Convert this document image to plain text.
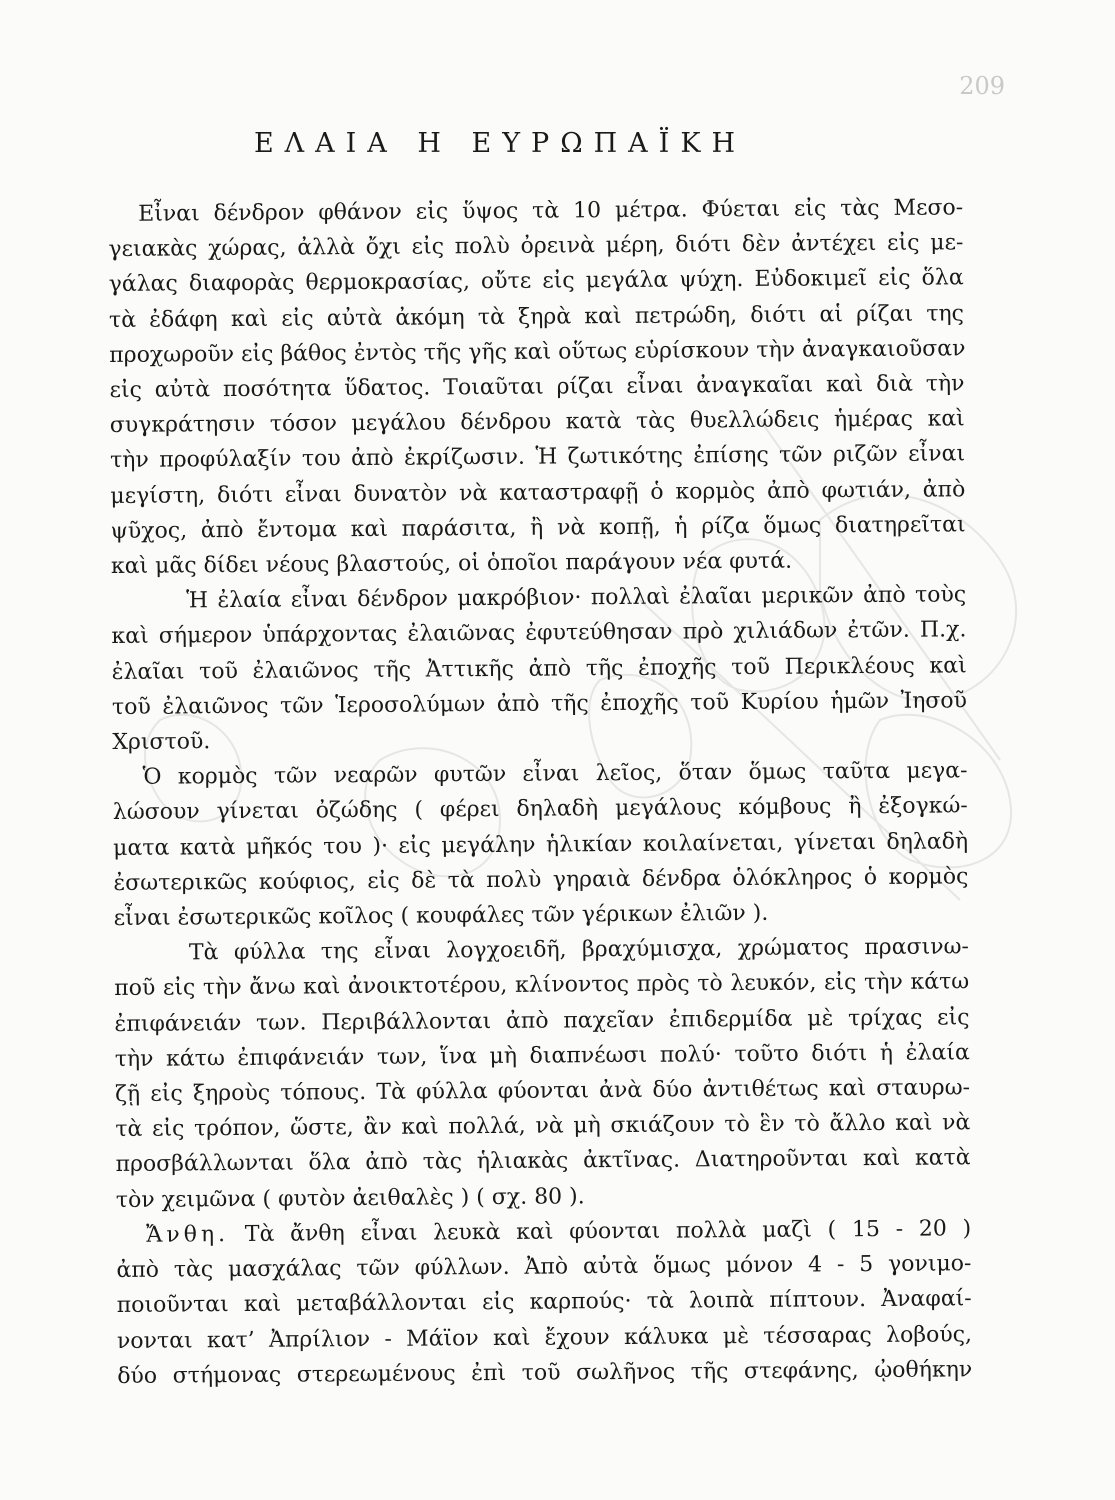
209
ΕΛΑΙΑ Η ΕΥΡΩΠΑΪΚΗ

Εἶναι δένδρον φθάνον εἰς ὕψος τὰ 10 μέτρα. Φύεται εἰς τὰς Μεσο-
γειακὰς χώρας, ἀλλὰ ὄχι εἰς πολὺ ὀρεινὰ μέρη, διότι δὲν ἀντέχει εἰς με-
γάλας διαφορὰς θερμοκρασίας, οὔτε εἰς μεγάλα ψύχη. Εὐδοκιμεῖ εἰς ὅλα
τὰ ἐδάφη καὶ εἰς αὐτὰ ἀκόμη τὰ ξηρὰ καὶ πετρώδη, διότι αἱ ρίζαι της
προχωροῦν εἰς βάθος ἐντὸς τῆς γῆς καὶ οὕτως εὑρίσκουν τὴν ἀναγκαιοῦσαν
εἰς αὐτὰ ποσότητα ὕδατος. Τοιαῦται ρίζαι εἶναι ἀναγκαῖαι καὶ διὰ τὴν
συγκράτησιν τόσον μεγάλου δένδρου κατὰ τὰς θυελλώδεις ἡμέρας καὶ
τὴν προφύλαξίν του ἀπὸ ἐκρίζωσιν. Ἡ ζωτικότης ἐπίσης τῶν ριζῶν εἶναι
μεγίστη, διότι εἶναι δυνατὸν νὰ καταστραφῇ ὁ κορμὸς ἀπὸ φωτιάν, ἀπὸ
ψῦχος, ἀπὸ ἔντομα καὶ παράσιτα, ἢ νὰ κοπῇ, ἡ ρίζα ὅμως διατηρεῖται
καὶ μᾶς δίδει νέους βλαστούς, οἱ ὁποῖοι παράγουν νέα φυτά.

Ἡ ἐλαία εἶναι δένδρον μακρόβιον· πολλαὶ ἐλαῖαι μερικῶν ἀπὸ τοὺς
καὶ σήμερον ὑπάρχοντας ἐλαιῶνας ἐφυτεύθησαν πρὸ χιλιάδων ἐτῶν. Π.χ.
ἐλαῖαι τοῦ ἐλαιῶνος τῆς Ἀττικῆς ἀπὸ τῆς ἐποχῆς τοῦ Περικλέους καὶ
τοῦ ἐλαιῶνος τῶν Ἱεροσολύμων ἀπὸ τῆς ἐποχῆς τοῦ Κυρίου ἡμῶν Ἰησοῦ
Χριστοῦ.

Ὁ κορμὸς τῶν νεαρῶν φυτῶν εἶναι λεῖος, ὅταν ὅμως ταῦτα μεγα-
λώσουν γίνεται ὀζώδης ( φέρει δηλαδὴ μεγάλους κόμβους ἢ ἐξογκώ-
ματα κατὰ μῆκός του )· εἰς μεγάλην ἡλικίαν κοιλαίνεται, γίνεται δηλαδὴ
ἐσωτερικῶς κούφιος, εἰς δὲ τὰ πολὺ γηραιὰ δένδρα ὁλόκληρος ὁ κορμὸς
εἶναι ἐσωτερικῶς κοῖλος ( κουφάλες τῶν γέρικων ἐλιῶν ).

Τὰ φύλλα της εἶναι λογχοειδῆ, βραχύμισχα, χρώματος πρασινω-
ποῦ εἰς τὴν ἄνω καὶ ἀνοικτοτέρου, κλίνοντος πρὸς τὸ λευκόν, εἰς τὴν κάτω
ἐπιφάνειάν των. Περιβάλλονται ἀπὸ παχεῖαν ἐπιδερμίδα μὲ τρίχας εἰς
τὴν κάτω ἐπιφάνειάν των, ἵνα μὴ διαπνέωσι πολύ· τοῦτο διότι ἡ ἐλαία
ζῇ εἰς ξηροὺς τόπους. Τὰ φύλλα φύονται ἀνὰ δύο ἀντιθέτως καὶ σταυρω-
τὰ εἰς τρόπον, ὥστε, ἂν καὶ πολλά, νὰ μὴ σκιάζουν τὸ ἓν τὸ ἄλλο καὶ νὰ
προσβάλλωνται ὅλα ἀπὸ τὰς ἡλιακὰς ἀκτῖνας. Διατηροῦνται καὶ κατὰ
τὸν χειμῶνα ( φυτὸν ἀειθαλὲς ) ( σχ. 80 ).

Ἄνθη. Τὰ ἄνθη εἶναι λευκὰ καὶ φύονται πολλὰ μαζὶ ( 15 - 20 )
ἀπὸ τὰς μασχάλας τῶν φύλλων. Ἀπὸ αὐτὰ ὅμως μόνον 4 - 5 γονιμο-
ποιοῦνται καὶ μεταβάλλονται εἰς καρπούς· τὰ λοιπὰ πίπτουν. Ἀναφαί-
νονται κατ’ Ἀπρίλιον - Μάϊον καὶ ἔχουν κάλυκα μὲ τέσσαρας λοβούς,
δύο στήμονας στερεωμένους ἐπὶ τοῦ σωλῆνος τῆς στεφάνης, ᾠοθήκην
